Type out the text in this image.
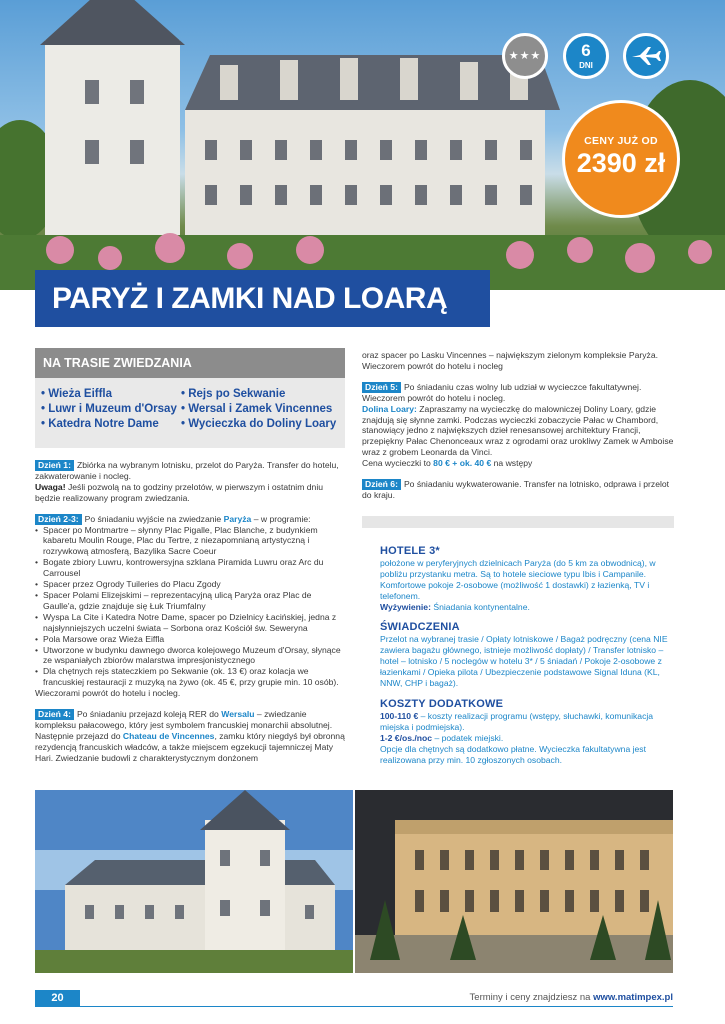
★★★	6
DNI
CENY JUŻ OD
2390 zł
PARYŻ I ZAMKI NAD LOARĄ
NA TRASIE ZWIEDZANIA
• Wieża Eiffla	• Rejs po Sekwanie
• Luwr i Muzeum d'Orsay • Wersal i Zamek Vincennes
• Katedra Notre Dame	• Wycieczka do Doliny Loary

Dzień 1: Zbiórka na wybranym lotnisku, przelot do Paryża. Transfer do hotelu, zakwaterowanie i nocleg.

Uwaga! Jeśli pozwolą na to godziny przelotów, w pierwszym i ostatnim dniu będzie realizowany program zwiedzania.

Dzień 2-3: Po śniadaniu wyjście na zwiedzanie Paryża – w programie:

• Spacer po Montmartre – słynny Plac Pigalle, Plac Blanche, z budynkiem kabaretu Moulin Rouge, Plac du Tertre, z niezapomnianą artystyczną i rozrywkową atmosferą, Bazylika Sacre Coeur
• Bogate zbiory Luwru, kontrowersyjna szklana Piramida Luwru oraz Arc du Carrousel
• Spacer przez Ogrody Tuileries do Placu Zgody
• Spacer Polami Elizejskimi – reprezentacyjną ulicą Paryża oraz Plac de Gaulle'a, gdzie znajduje się Łuk Triumfalny
• Wyspa La Cite i Katedra Notre Dame, spacer po Dzielnicy Łacińskiej, jedna z najsłynniejszych uczelni świata – Sorbona oraz Kościół św. Seweryna
• Pola Marsowe oraz Wieża Eiffla
• Utworzone w budynku dawnego dworca kolejowego Muzeum d'Orsay, słynące ze wspaniałych zbiorów malarstwa impresjonistycznego
• Dla chętnych rejs stateczkiem po Sekwanie (ok. 13 €) oraz kolacja we francuskiej restauracji z muzyką na żywo (ok. 45 €, przy grupie min. 10 osób).

Wieczorami powrót do hotelu i nocleg.

Dzień 4: Po śniadaniu przejazd koleją RER do Wersalu – zwiedzanie kompleksu pałacowego, który jest symbolem francuskiej monarchii absolutnej. Następnie przejazd do Chateau de Vincennes, zamku który niegdyś był obronną rezydencją francuskich władców, a także miejscem egzekucji tajemniczej Maty Hari. Zwiedzanie budowli z charakterystycznym donżonem

oraz spacer po Lasku Vincennes – największym zielonym kompleksie Paryża. Wieczorem powrót do hotelu i nocleg

Dzień 5: Po śniadaniu czas wolny lub udział w wycieczce fakultatywnej. Wieczorem powrót do hotelu i nocleg.

Dolina Loary: Zapraszamy na wycieczkę do malowniczej Doliny Loary, gdzie znajdują się słynne zamki. Podczas wycieczki zobaczycie Pałac w Chambord, stanowiący jedno z największych dzieł renesansowej architektury Francji, przepiękny Pałac Chenonceaux wraz z ogrodami oraz urokliwy Zamek w Amboise wraz z grobem Leonarda da Vinci.

Cena wycieczki to 80 € + ok. 40 € na wstępy

Dzień 6: Po śniadaniu wykwaterowanie. Transfer na lotnisko, odprawa i przelot do kraju.

HOTELE 3*

położone w peryferyjnych dzielnicach Paryża (do 5 km za obwodnicą), w pobliżu przystanku metra. Są to hotele sieciowe typu Ibis i Campanile. Komfortowe pokoje 2-osobowe (możliwość 1 dostawki) z łazienką, TV i telefonem.

Wyżywienie: Śniadania kontynentalne.

ŚWIADCZENIA

Przelot na wybranej trasie / Opłaty lotniskowe / Bagaż podręczny (cena NIE zawiera bagażu głównego, istnieje możliwość dopłaty) / Transfer lotnisko – hotel – lotnisko / 5 noclegów w hotelu 3* / 5 śniadań / Pokoje 2-osobowe z łazienkami / Opieka pilota / Ubezpieczenie podstawowe Signal Iduna (KL, NNW, CHP i bagaż).

KOSZTY DODATKOWE

100-110 € – koszty realizacji programu (wstępy, słuchawki, komunikacja miejska i podmiejska).

1-2 €/os./noc – podatek miejski.

Opcje dla chętnych są dodatkowo płatne. Wycieczka fakultatywna jest realizowana przy min. 10 zgłoszonych osobach.

20	Terminy i ceny znajdziesz na www.matimpex.pl
